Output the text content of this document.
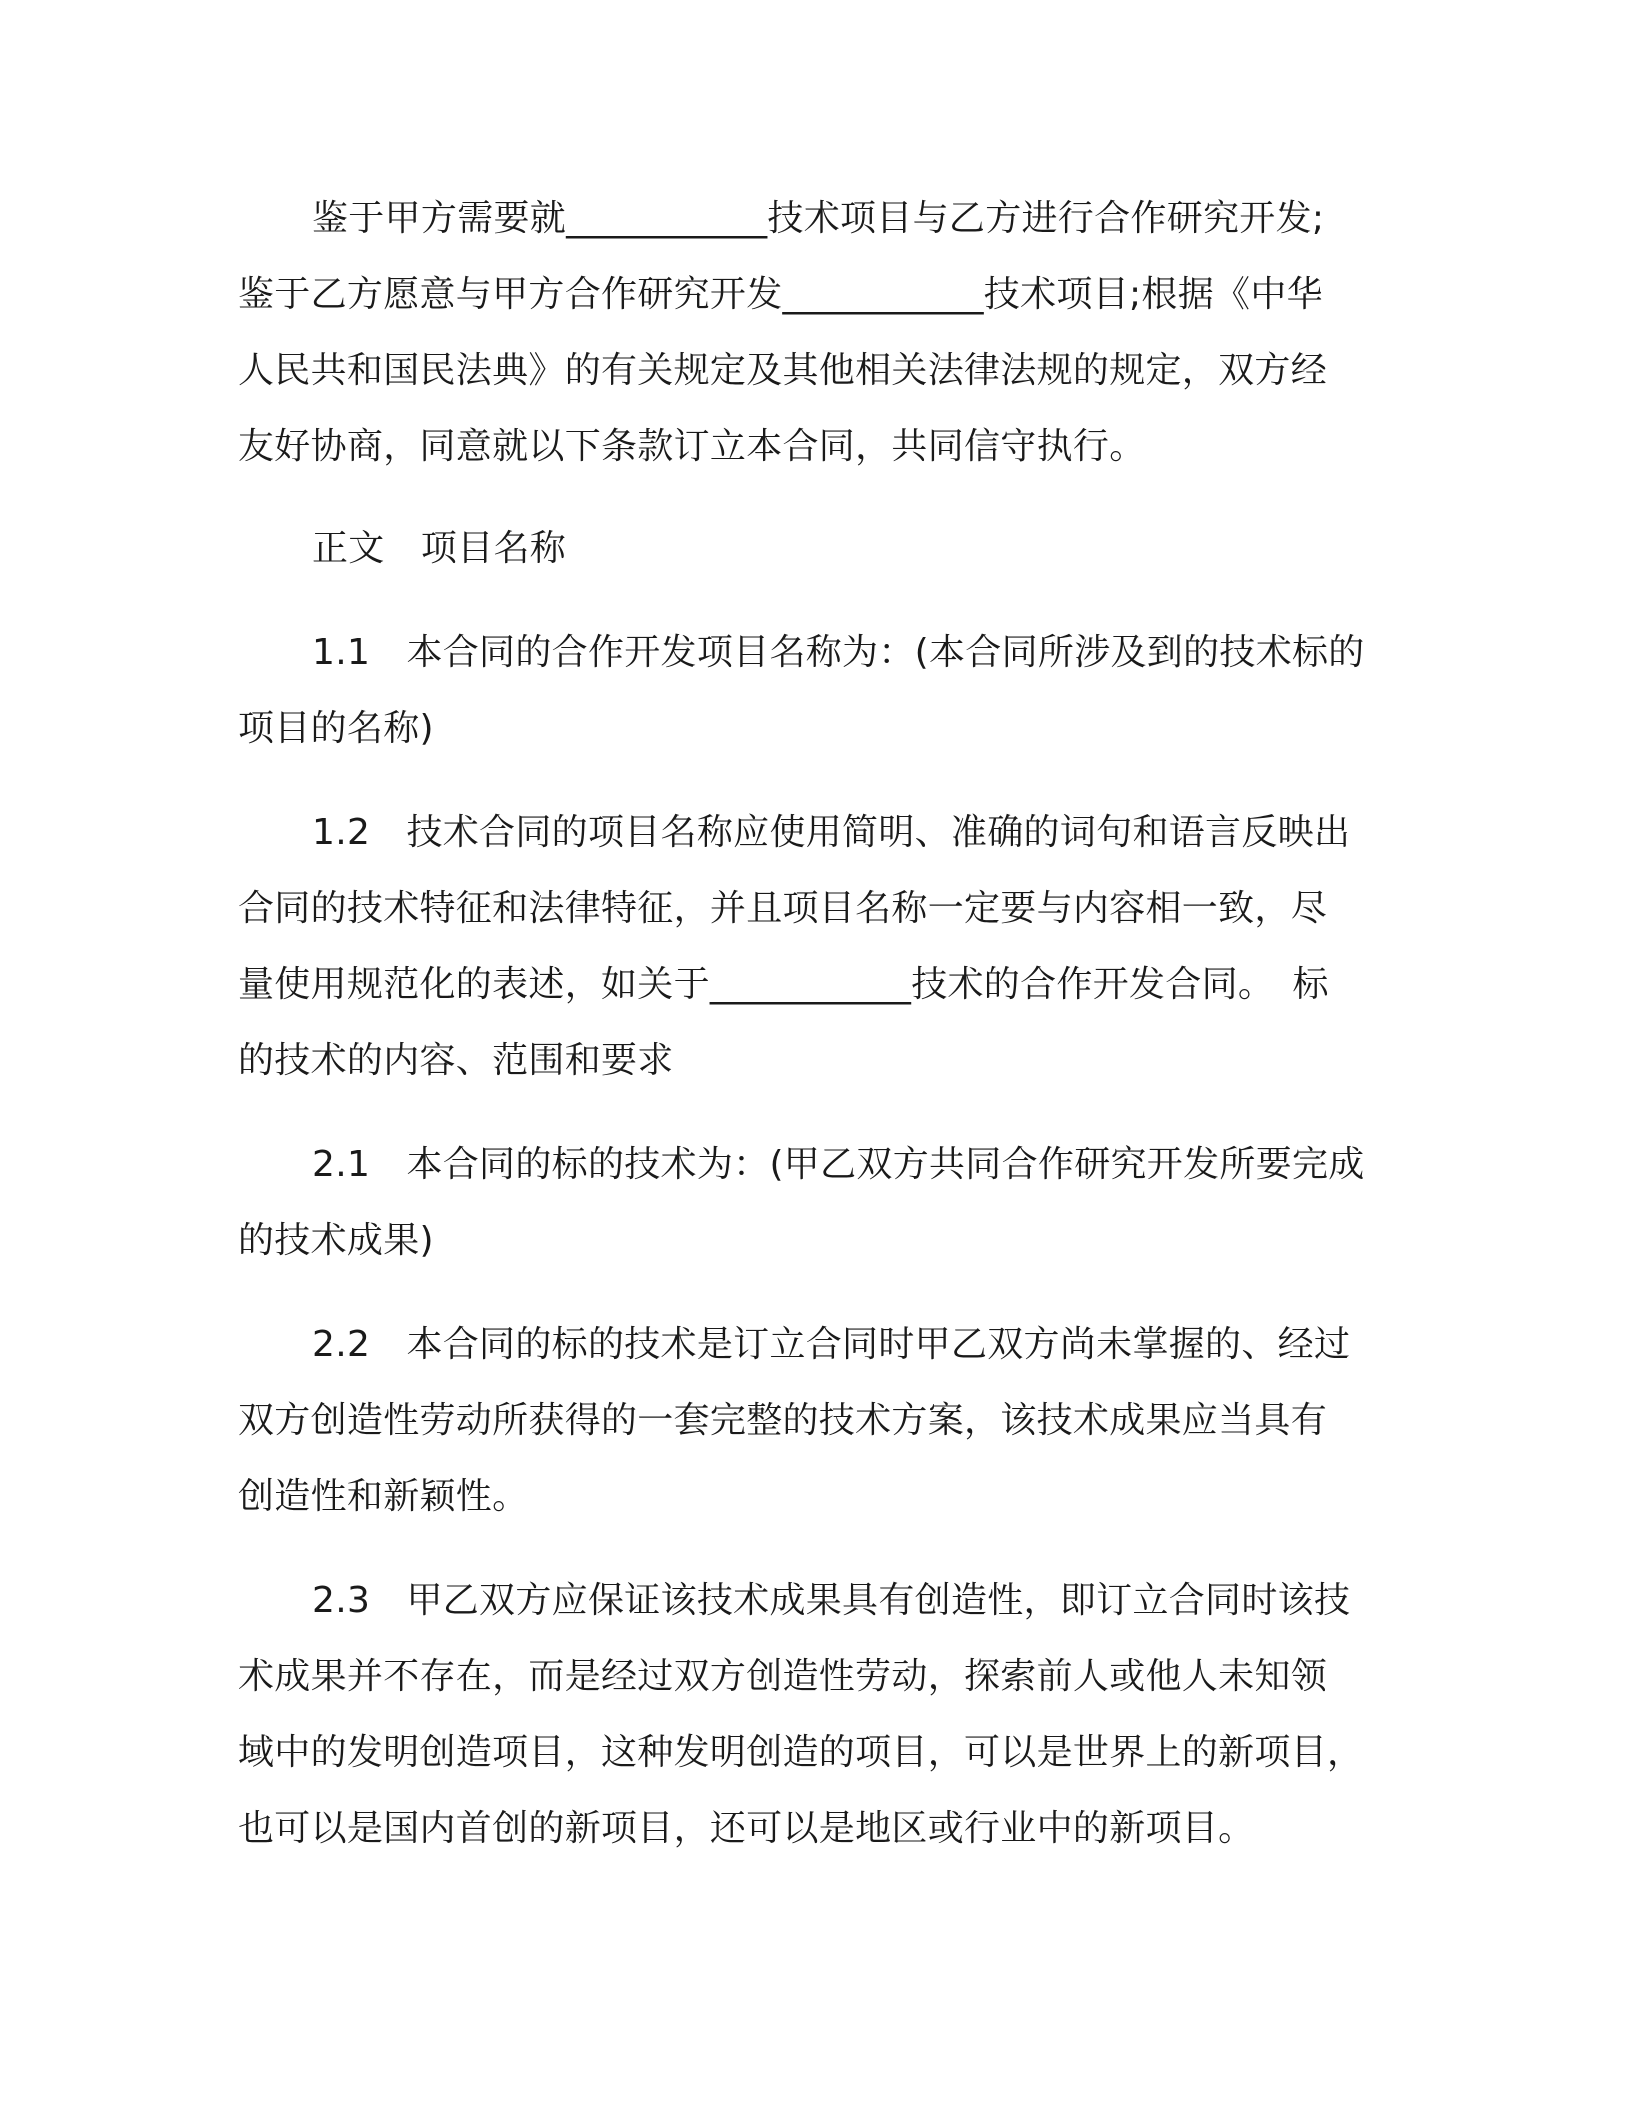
鉴于甲方需要就___________技术项目与乙方进行合作研究开发;

鉴于乙方愿意与甲方合作研究开发___________技术项目;根据《中华

人民共和国民法典》的有关规定及其他相关法律法规的规定，双方经

友好协商，同意就以下条款订立本合同，共同信守执行。

正文　项目名称

1.1　本合同的合作开发项目名称为：(本合同所涉及到的技术标的

项目的名称)

1.2　技术合同的项目名称应使用简明、准确的词句和语言反映出

合同的技术特征和法律特征，并且项目名称一定要与内容相一致，尽

量使用规范化的表述，如关于___________技术的合作开发合同。　标

的技术的内容、范围和要求

2.1　本合同的标的技术为：(甲乙双方共同合作研究开发所要完成

的技术成果)

2.2　本合同的标的技术是订立合同时甲乙双方尚未掌握的、经过

双方创造性劳动所获得的一套完整的技术方案，该技术成果应当具有

创造性和新颖性。

2.3　甲乙双方应保证该技术成果具有创造性，即订立合同时该技

术成果并不存在，而是经过双方创造性劳动，探索前人或他人未知领

域中的发明创造项目，这种发明创造的项目，可以是世界上的新项目，

也可以是国内首创的新项目，还可以是地区或行业中的新项目。
